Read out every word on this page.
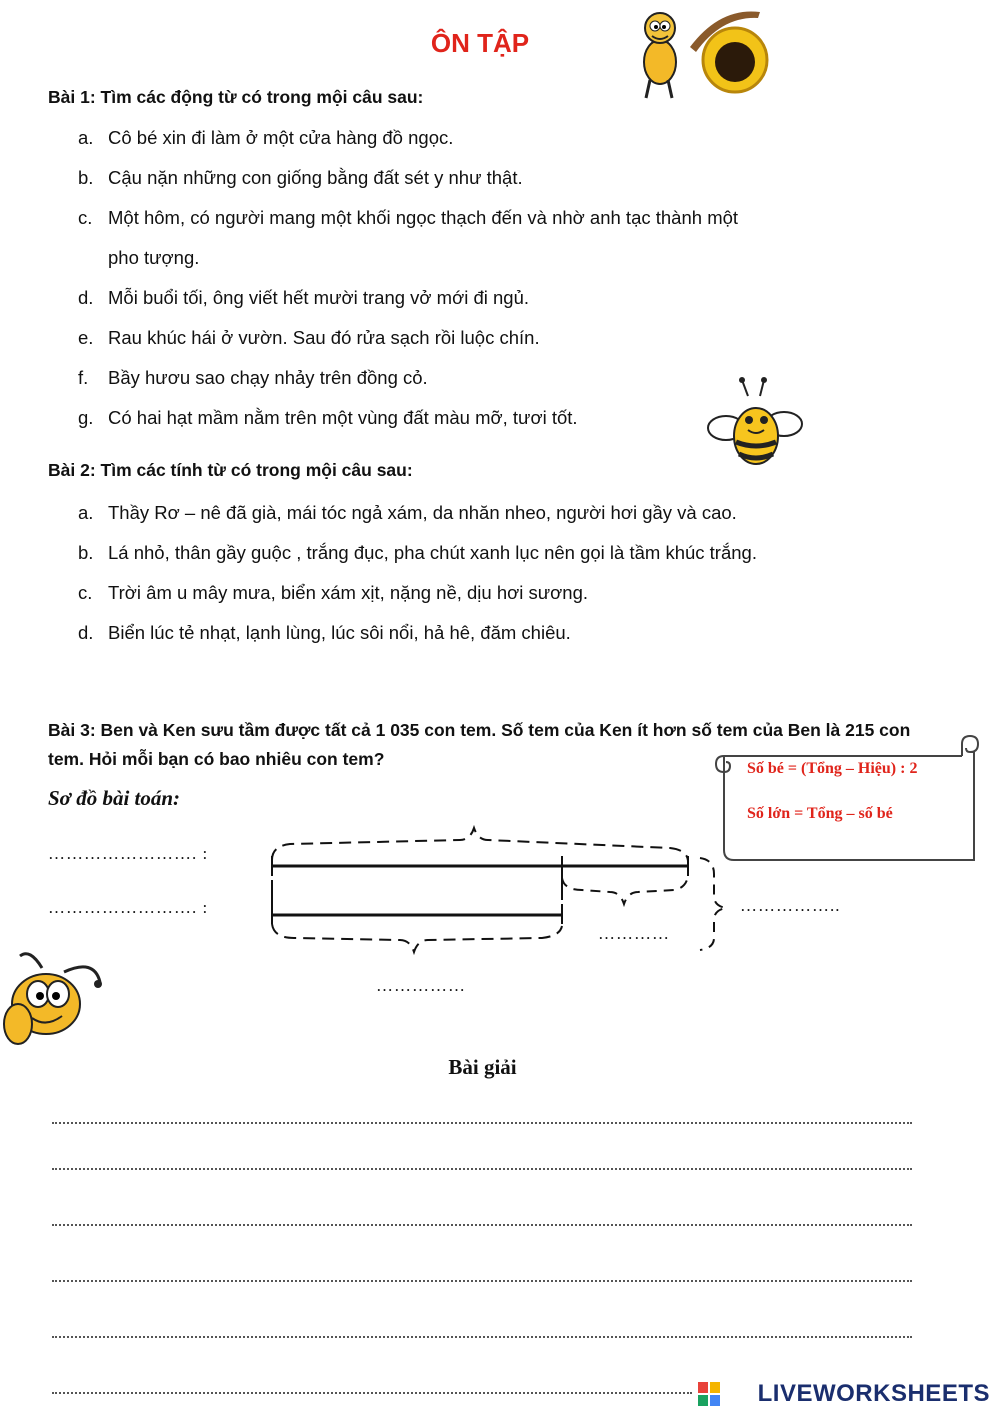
ÔN TẬP
Bài 1: Tìm các động từ có trong mội câu sau:
a. Cô bé xin đi làm ở một cửa hàng đồ ngọc.
b. Cậu nặn những con giống bằng đất sét y như thật.
c. Một hôm, có người mang một khối ngọc thạch đến và nhờ anh tạc thành một
pho tượng.
d. Mỗi buổi tối, ông viết hết mười trang vở mới đi ngủ.
e. Rau khúc hái ở vườn. Sau đó rửa sạch rồi luộc chín.
f. Bầy hươu sao chạy nhảy trên đồng cỏ.
g. Có hai hạt mầm nằm trên một vùng đất màu mỡ, tươi tốt.
Bài 2: Tìm các tính từ có trong mội câu sau:
a. Thầy Rơ – nê đã già, mái tóc ngả xám, da nhăn nheo, người hơi gầy và cao.
b. Lá nhỏ, thân gầy guộc , trắng đục, pha chút xanh lục nên gọi là tầm khúc trắng.
c. Trời âm u mây mưa, biển xám xịt, nặng nề, dịu hơi sương.
d. Biển lúc tẻ nhạt, lạnh lùng, lúc sôi nổi, hả hê, đăm chiêu.
Bài 3: Ben và Ken sưu tầm được tất cả 1 035 con tem. Số tem của Ken ít hơn số tem của Ben là 215 con tem. Hỏi mỗi bạn có bao nhiêu con tem?	Số bé = (Tổng – Hiệu) : 2
Số lớn = Tổng – số bé
Sơ đồ bài toán:
……………………. :
……………………. :	……………..
…………
……………
Bài giải
LIVEWORKSHEETS
